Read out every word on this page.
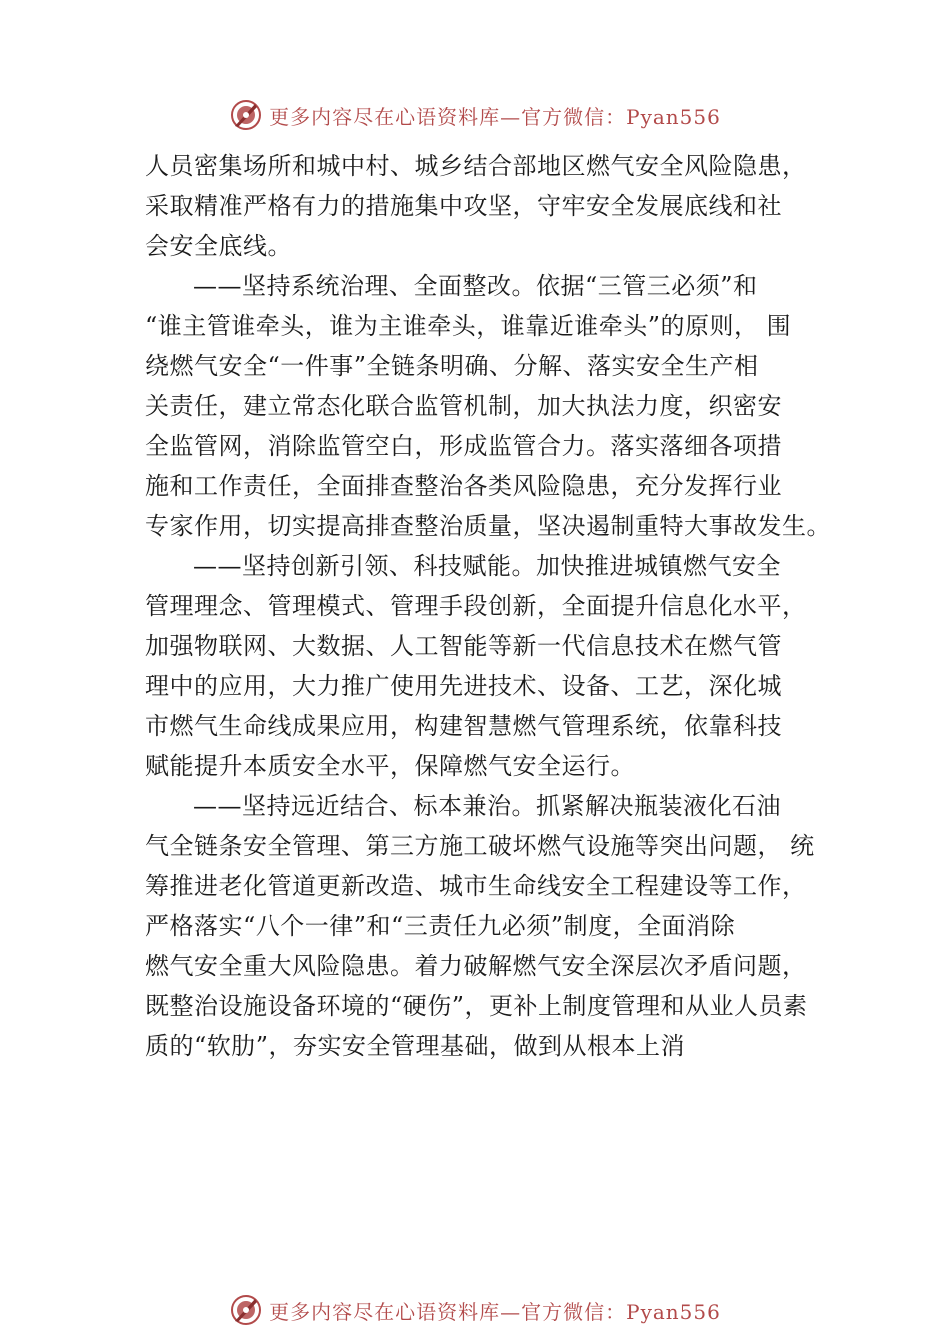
更多内容尽在心语资料库—官方微信：Pyan556
人员密集场所和城中村、城乡结合部地区燃气安全风险隐患，
采取精准严格有力的措施集中攻坚，守牢安全发展底线和社
会安全底线。
——坚持系统治理、全面整改。依据“三管三必须”和
“谁主管谁牵头，谁为主谁牵头，谁靠近谁牵头”的原则， 围
绕燃气安全“一件事”全链条明确、分解、落实安全生产相
关责任，建立常态化联合监管机制，加大执法力度，织密安
全监管网，消除监管空白，形成监管合力。落实落细各项措
施和工作责任，全面排查整治各类风险隐患，充分发挥行业
专家作用，切实提高排查整治质量，坚决遏制重特大事故发生。
——坚持创新引领、科技赋能。加快推进城镇燃气安全
管理理念、管理模式、管理手段创新，全面提升信息化水平，
加强物联网、大数据、人工智能等新一代信息技术在燃气管
理中的应用，大力推广使用先进技术、设备、工艺，深化城
市燃气生命线成果应用，构建智慧燃气管理系统，依靠科技
赋能提升本质安全水平，保障燃气安全运行。
——坚持远近结合、标本兼治。抓紧解决瓶装液化石油
气全链条安全管理、第三方施工破坏燃气设施等突出问题， 统
筹推进老化管道更新改造、城市生命线安全工程建设等工作，
严格落实“八个一律”和“三责任九必须”制度，全面消除
燃气安全重大风险隐患。着力破解燃气安全深层次矛盾问题，
既整治设施设备环境的“硬伤”，更补上制度管理和从业人员素
质的“软肋”，夯实安全管理基础，做到从根本上消
更多内容尽在心语资料库—官方微信：Pyan556
